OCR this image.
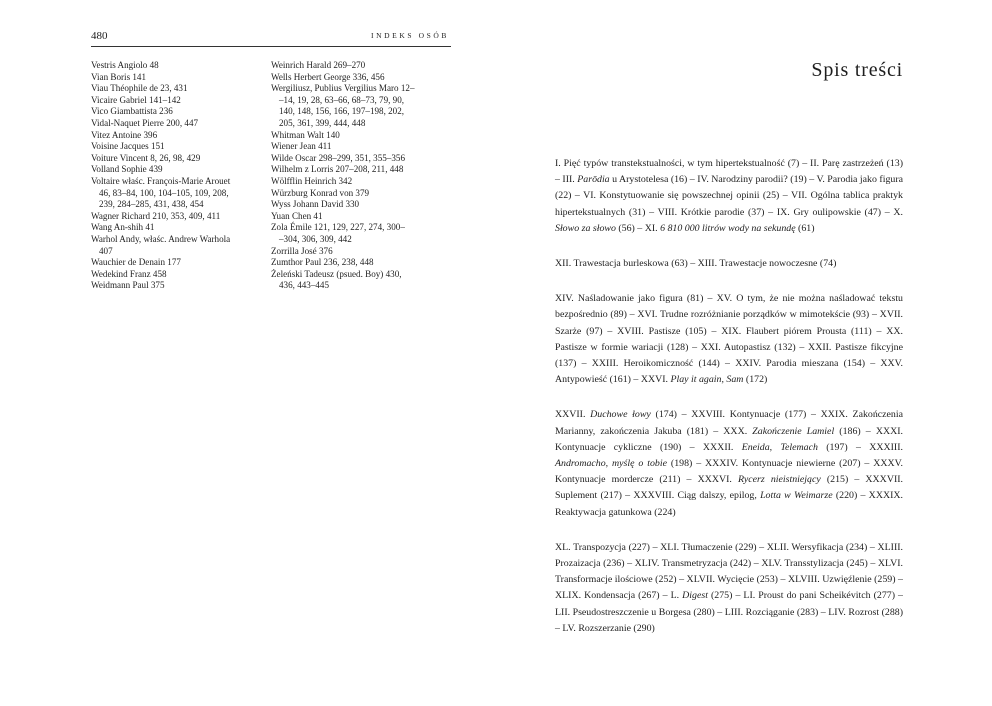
480	INDEKS OSÓB
Vestris Angiolo 48
Vian Boris 141
Viau Théophile de 23, 431
Vicaire Gabriel 141–142
Vico Giambattista 236
Vidal-Naquet Pierre 200, 447
Vitez Antoine 396
Voisine Jacques 151
Voiture Vincent 8, 26, 98, 429
Volland Sophie 439
Voltaire właśc. François-Marie Arouet
46, 83–84, 100, 104–105, 109, 208,
239, 284–285, 431, 438, 454
Wagner Richard 210, 353, 409, 411
Wang An-shih 41
Warhol Andy, właśc. Andrew Warhola
407
Wauchier de Denain 177
Wedekind Franz 458
Weidmann Paul 375
Weinrich Harald 269–270
Wells Herbert George 336, 456
Wergiliusz, Publius Vergilius Maro 12–
–14, 19, 28, 63–66, 68–73, 79, 90,
140, 148, 156, 166, 197–198, 202,
205, 361, 399, 444, 448
Whitman Walt 140
Wiener Jean 411
Wilde Oscar 298–299, 351, 355–356
Wilhelm z Lorris 207–208, 211, 448
Wölfflin Heinrich 342
Würzburg Konrad von 379
Wyss Johann David 330
Yuan Chen 41
Zola Émile 121, 129, 227, 274, 300–
–304, 306, 309, 442
Zorrilla José 376
Zumthor Paul 236, 238, 448
Żeleński Tadeusz (psued. Boy) 430,
436, 443–445
Spis treści
I. Pięć typów transtekstualności, w tym hipertekstualność (7) – II. Parę zastrzeżeń (13) – III. Parōdia u Arystotelesa (16) – IV. Narodziny parodii? (19) – V. Parodia jako figura (22) – VI. Konstytuowanie się powszechnej opinii (25) – VII. Ogólna tablica praktyk hipertekstualnych (31) – VIII. Krótkie parodie (37) – IX. Gry oulipowskie (47) – X. Słowo za słowo (56) – XI. 6 810 000 litrów wody na sekundę (61)
XII. Trawestacja burleskowa (63) – XIII. Trawestacje nowoczesne (74)
XIV. Naśladowanie jako figura (81) – XV. O tym, że nie można naśladować tekstu bezpośrednio (89) – XVI. Trudne rozróżnianie porządków w mimotekście (93) – XVII. Szarże (97) – XVIII. Pastisze (105) – XIX. Flaubert piórem Prousta (111) – XX. Pastisze w formie wariacji (128) – XXI. Autopastisz (132) – XXII. Pastisze fikcyjne (137) – XXIII. Heroikomiczność (144) – XXIV. Parodia mieszana (154) – XXV. Antypowieść (161) – XXVI. Play it again, Sam (172)
XXVII. Duchowe łowy (174) – XXVIII. Kontynuacje (177) – XXIX. Zakończenia Marianny, zakończenia Jakuba (181) – XXX. Zakończenie Lamiel (186) – XXXI. Kontynuacje cykliczne (190) – XXXII. Eneida, Telemach (197) – XXXIII. Andromacho, myślę o tobie (198) – XXXIV. Kontynuacje niewierne (207) – XXXV. Kontynuacje mordercze (211) – XXXVI. Rycerz nieistniejący (215) – XXXVII. Suplement (217) – XXXVIII. Ciąg dalszy, epilog, Lotta w Weimarze (220) – XXXIX. Reaktywacja gatunkowa (224)
XL. Transpozycja (227) – XLI. Tłumaczenie (229) – XLII. Wersyfikacja (234) – XLIII. Prozaizacja (236) – XLIV. Transmetryzacja (242) – XLV. Transstylizacja (245) – XLVI. Transformacje ilościowe (252) – XLVII. Wycięcie (253) – XLVIII. Uzwięźlenie (259) – XLIX. Kondensacja (267) – L. Digest (275) – LI. Proust do pani Scheikévitch (277) – LII. Pseudostreszczenie u Borgesa (280) – LIII. Rozciąganie (283) – LIV. Rozrost (288) – LV. Rozszerzanie (290)
